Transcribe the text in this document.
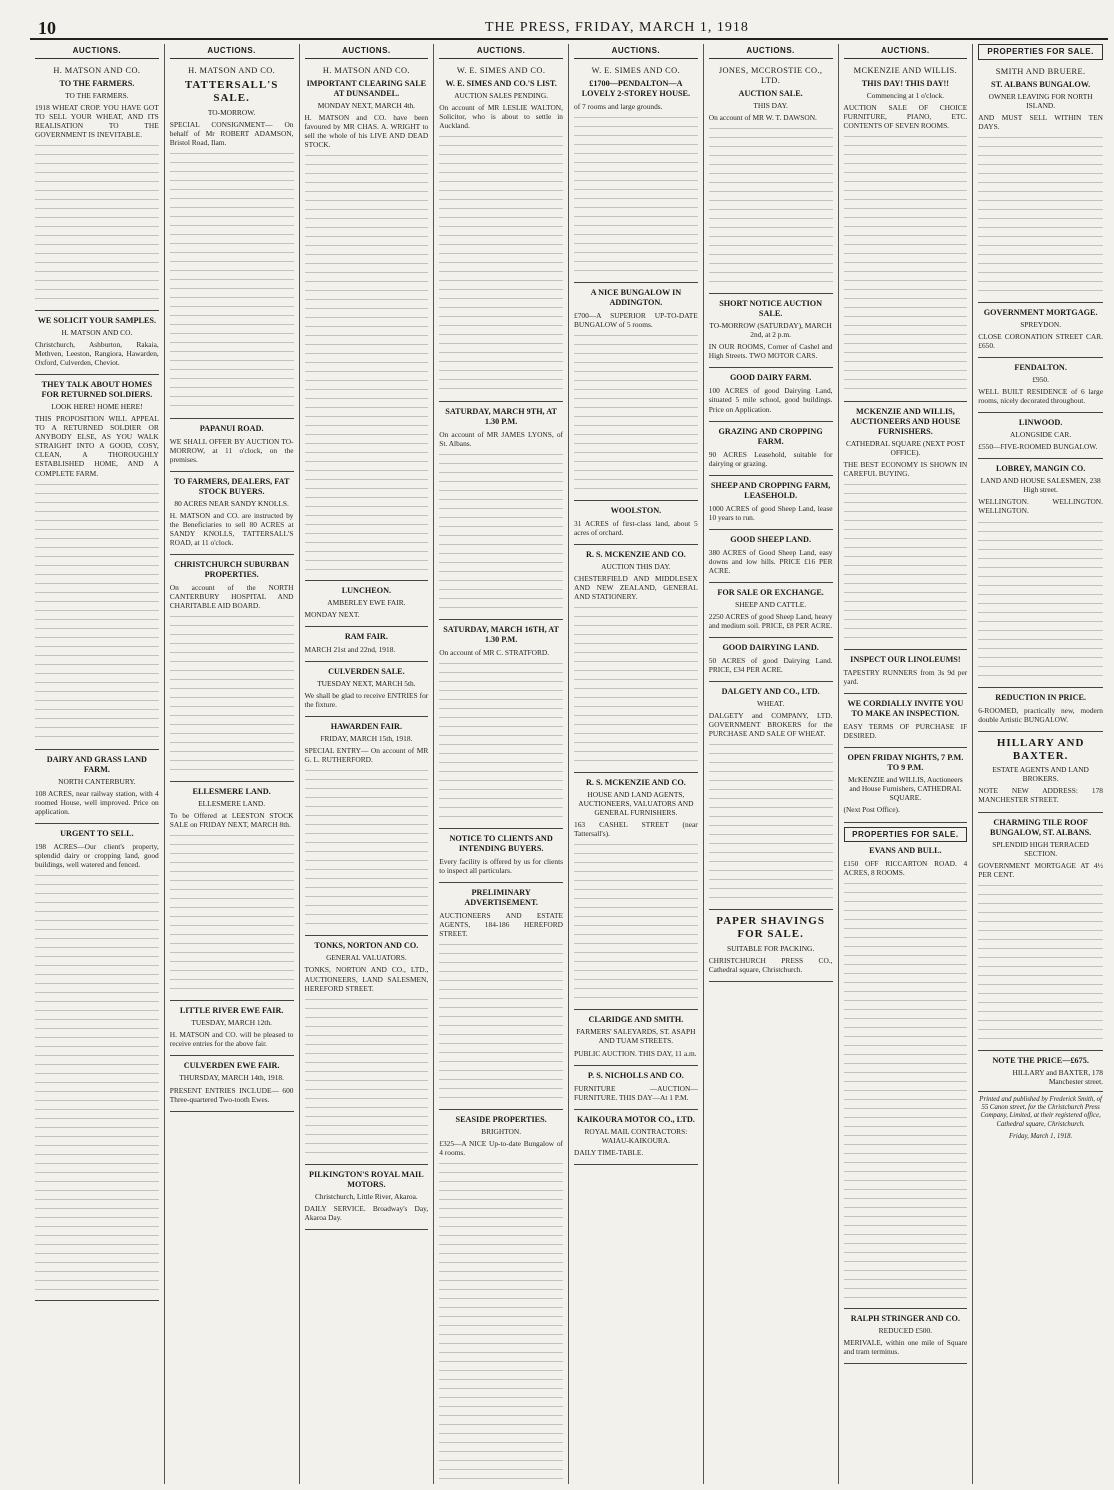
10	THE PRESS, FRIDAY, MARCH 1, 1918
AUCTIONS.
H. MATSON AND CO.
TO THE FARMERS.
TO THE FARMERS.
1918 WHEAT CROP. YOU HAVE GOT TO SELL YOUR WHEAT, AND ITS REALISATION TO THE GOVERNMENT IS INEVITABLE.
WE SOLICIT YOUR SAMPLES.
H. MATSON AND CO.
Christchurch, Ashburton, Rakaia, Methven, Leeston, Rangiora, Hawarden, Oxford, Culverden, Cheviot.
THEY TALK ABOUT HOMES FOR RETURNED SOLDIERS.
LOOK HERE! HOME HERE!
THIS PROPOSITION WILL APPEAL TO A RETURNED SOLDIER OR ANYBODY ELSE, AS YOU WALK STRAIGHT INTO A GOOD, COSY, CLEAN, A THOROUGHLY ESTABLISHED HOME, AND A COMPLETE FARM.
DAIRY AND GRASS LAND FARM.
NORTH CANTERBURY.
108 ACRES, near railway station, with 4 roomed House, well improved. Price on application.
URGENT TO SELL.
198 ACRES—Our client's property, splendid dairy or cropping land, good buildings, well watered and fenced.
AUCTIONS.
H. MATSON AND CO.
TATTERSALL'S SALE.
TO-MORROW.
SPECIAL CONSIGNMENT— On behalf of Mr ROBERT ADAMSON, Bristol Road, Ilam.
PAPANUI ROAD.
WE SHALL OFFER BY AUCTION TO-MORROW, at 11 o'clock, on the premises.
TO FARMERS, DEALERS, FAT STOCK BUYERS.
80 ACRES NEAR SANDY KNOLLS.
H. MATSON and CO. are instructed by the Beneficiaries to sell 80 ACRES at SANDY KNOLLS, TATTERSALL'S ROAD, at 11 o'clock.
CHRISTCHURCH SUBURBAN PROPERTIES.
On account of the NORTH CANTERBURY HOSPITAL AND CHARITABLE AID BOARD.
ELLESMERE LAND.
ELLESMERE LAND.
To be Offered at LEESTON STOCK SALE on FRIDAY NEXT, MARCH 8th.
LITTLE RIVER EWE FAIR.
TUESDAY, MARCH 12th.
H. MATSON and CO. will be pleased to receive entries for the above fair.
CULVERDEN EWE FAIR.
THURSDAY, MARCH 14th, 1918.
PRESENT ENTRIES INCLUDE— 600 Three-quartered Two-tooth Ewes.
AUCTIONS.
H. MATSON AND CO.
IMPORTANT CLEARING SALE AT DUNSANDEL.
MONDAY NEXT, MARCH 4th.
H. MATSON and CO. have been favoured by MR CHAS. A. WRIGHT to sell the whole of his LIVE AND DEAD STOCK.
LUNCHEON.
AMBERLEY EWE FAIR.
MONDAY NEXT.
RAM FAIR.
MARCH 21st and 22nd, 1918.
CULVERDEN SALE.
TUESDAY NEXT, MARCH 5th.
We shall be glad to receive ENTRIES for the fixture.
HAWARDEN FAIR.
FRIDAY, MARCH 15th, 1918.
SPECIAL ENTRY— On account of MR G. L. RUTHERFORD.
TONKS, NORTON AND CO.
GENERAL VALUATORS.
TONKS, NORTON AND CO., LTD., AUCTIONEERS, LAND SALESMEN, HEREFORD STREET.
PILKINGTON'S ROYAL MAIL MOTORS.
Christchurch, Little River, Akaroa.
DAILY SERVICE. Broadway's Day, Akaroa Day.
AUCTIONS.
W. E. SIMES AND CO.
W. E. SIMES AND CO.'S LIST.
AUCTION SALES PENDING.
On account of MR LESLIE WALTON, Solicitor, who is about to settle in Auckland.
SATURDAY, MARCH 9TH, AT 1.30 P.M.
On account of MR JAMES LYONS, of St. Albans.
SATURDAY, MARCH 16TH, AT 1.30 P.M.
On account of MR C. STRATFORD.
NOTICE TO CLIENTS AND INTENDING BUYERS.
Every facility is offered by us for clients to inspect all particulars.
PRELIMINARY ADVERTISEMENT.
AUCTIONEERS AND ESTATE AGENTS, 184-186 HEREFORD STREET.
SEASIDE PROPERTIES.
BRIGHTON.
£325—A NICE Up-to-date Bungalow of 4 rooms.
AUCTIONS.
W. E. SIMES AND CO.
£1700—PENDALTON—A LOVELY 2-STOREY HOUSE.
of 7 rooms and large grounds.
A NICE BUNGALOW IN ADDINGTON.
£700—A SUPERIOR UP-TO-DATE BUNGALOW of 5 rooms.
WOOLSTON.
31 ACRES of first-class land, about 5 acres of orchard.
R. S. MCKENZIE AND CO.
AUCTION THIS DAY.
CHESTERFIELD AND MIDDLESEX AND NEW ZEALAND, GENERAL AND STATIONERY.
R. S. MCKENZIE AND CO.
HOUSE AND LAND AGENTS, AUCTIONEERS, VALUATORS AND GENERAL FURNISHERS.
163 CASHEL STREET (near Tattersall's).
CLARIDGE AND SMITH.
FARMERS' SALEYARDS, ST. ASAPH AND TUAM STREETS.
PUBLIC AUCTION. THIS DAY, 11 a.m.
P. S. NICHOLLS AND CO.
FURNITURE —AUCTION— FURNITURE. THIS DAY—At 1 P.M.
KAIKOURA MOTOR CO., LTD.
ROYAL MAIL CONTRACTORS: WAIAU-KAIKOURA.
DAILY TIME-TABLE.
AUCTIONS.
JONES, MCCROSTIE CO., LTD.
AUCTION SALE.
THIS DAY.
On account of MR W. T. DAWSON.
SHORT NOTICE AUCTION SALE.
TO-MORROW (SATURDAY), MARCH 2nd, at 2 p.m.
IN OUR ROOMS, Corner of Cashel and High Streets. TWO MOTOR CARS.
GOOD DAIRY FARM.
100 ACRES of good Dairying Land, situated 5 mile school, good buildings. Price on Application.
GRAZING AND CROPPING FARM.
90 ACRES Leasehold, suitable for dairying or grazing.
SHEEP AND CROPPING FARM, LEASEHOLD.
1000 ACRES of good Sheep Land, lease 10 years to run.
GOOD SHEEP LAND.
380 ACRES of Good Sheep Land, easy downs and low hills. PRICE £16 PER ACRE.
FOR SALE OR EXCHANGE.
SHEEP AND CATTLE.
2250 ACRES of good Sheep Land, heavy and medium soil. PRICE, £8 PER ACRE.
GOOD DAIRYING LAND.
50 ACRES of good Dairying Land. PRICE, £34 PER ACRE.
DALGETY AND CO., LTD.
WHEAT.
DALGETY and COMPANY, LTD. GOVERNMENT BROKERS for the PURCHASE AND SALE OF WHEAT.
PAPER SHAVINGS FOR SALE.
SUITABLE FOR PACKING.
CHRISTCHURCH PRESS CO., Cathedral square, Christchurch.
AUCTIONS.
MCKENZIE AND WILLIS.
THIS DAY! THIS DAY!!
Commencing at 1 o'clock.
AUCTION SALE OF CHOICE FURNITURE, PIANO, ETC. CONTENTS OF SEVEN ROOMS.
MCKENZIE AND WILLIS, AUCTIONEERS AND HOUSE FURNISHERS.
CATHEDRAL SQUARE (NEXT POST OFFICE).
THE BEST ECONOMY IS SHOWN IN CAREFUL BUYING.
INSPECT OUR LINOLEUMS!
TAPESTRY RUNNERS from 3s 9d per yard.
WE CORDIALLY INVITE YOU TO MAKE AN INSPECTION.
EASY TERMS OF PURCHASE IF DESIRED.
OPEN FRIDAY NIGHTS, 7 P.M. TO 9 P.M.
McKENZIE and WILLIS, Auctioneers and House Furnishers, CATHEDRAL SQUARE.
(Next Post Office).
PROPERTIES FOR SALE.
EVANS AND BULL.
£150 OFF RICCARTON ROAD. 4 ACRES, 8 ROOMS.
RALPH STRINGER AND CO.
REDUCED £500.
MERIVALE, within one mile of Square and tram terminus.
PROPERTIES FOR SALE.
SMITH AND BRUERE.
ST. ALBANS BUNGALOW.
OWNER LEAVING FOR NORTH ISLAND.
AND MUST SELL WITHIN TEN DAYS.
GOVERNMENT MORTGAGE.
SPREYDON.
CLOSE CORONATION STREET CAR. £650.
FENDALTON.
£950.
WELL BUILT RESIDENCE of 6 large rooms, nicely decorated throughout.
LINWOOD.
ALONGSIDE CAR.
£550—FIVE-ROOMED BUNGALOW.
LOBREY, MANGIN CO.
LAND AND HOUSE SALESMEN, 238 High street.
WELLINGTON. WELLINGTON. WELLINGTON.
REDUCTION IN PRICE.
6-ROOMED, practically new, modern double Artistic BUNGALOW.
HILLARY AND BAXTER.
ESTATE AGENTS AND LAND BROKERS.
NOTE NEW ADDRESS: 178 MANCHESTER STREET.
CHARMING TILE ROOF BUNGALOW, ST. ALBANS.
SPLENDID HIGH TERRACED SECTION.
GOVERNMENT MORTGAGE AT 4½ PER CENT.
NOTE THE PRICE—£675.
HILLARY and BAXTER, 178 Manchester street.
Printed and published by Frederick Smith, of 55 Canon street, for the Christchurch Press Company, Limited, at their registered office, Cathedral square, Christchurch.
Friday, March 1, 1918.
